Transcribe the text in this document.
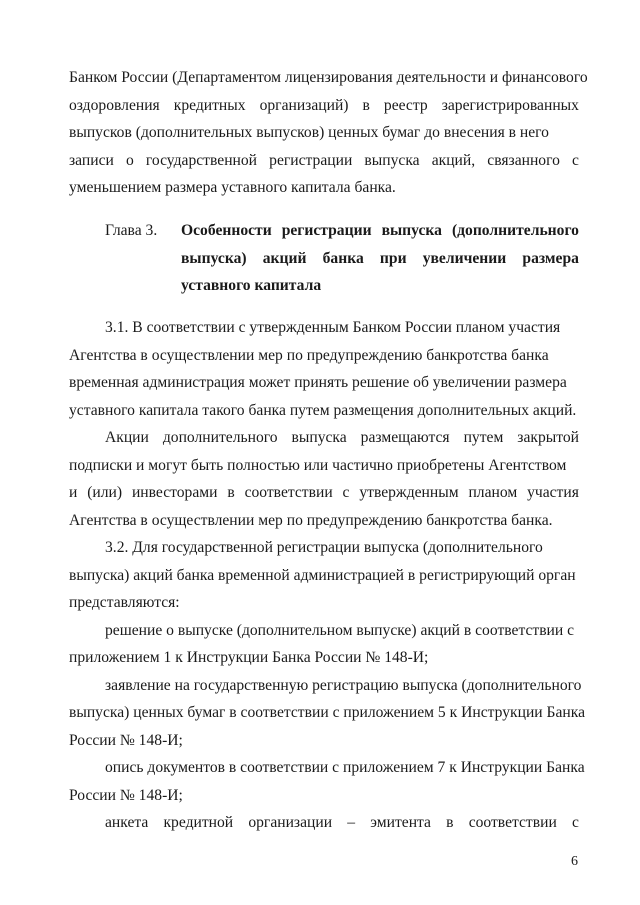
Банком России (Департаментом лицензирования деятельности и финансового
оздоровления кредитных организаций) в реестр зарегистрированных
выпусков (дополнительных выпусков) ценных бумаг до внесения в него
записи о государственной регистрации выпуска акций, связанного с
уменьшением размера уставного капитала банка.
Глава 3. Особенности регистрации выпуска (дополнительного
выпуска) акций банка при увеличении размера
уставного капитала
3.1. В соответствии с утвержденным Банком России планом участия
Агентства в осуществлении мер по предупреждению банкротства банка
временная администрация может принять решение об увеличении размера
уставного капитала такого банка путем размещения дополнительных акций.
Акции дополнительного выпуска размещаются путем закрытой
подписки и могут быть полностью или частично приобретены Агентством
и (или) инвесторами в соответствии с утвержденным планом участия
Агентства в осуществлении мер по предупреждению банкротства банка.
3.2. Для государственной регистрации выпуска (дополнительного
выпуска) акций банка временной администрацией в регистрирующий орган
представляются:
решение о выпуске (дополнительном выпуске) акций в соответствии с
приложением 1 к Инструкции Банка России № 148-И;
заявление на государственную регистрацию выпуска (дополнительного
выпуска) ценных бумаг в соответствии с приложением 5 к Инструкции Банка
России № 148-И;
опись документов в соответствии с приложением 7 к Инструкции Банка
России № 148-И;
анкета кредитной организации – эмитента в соответствии с
6
